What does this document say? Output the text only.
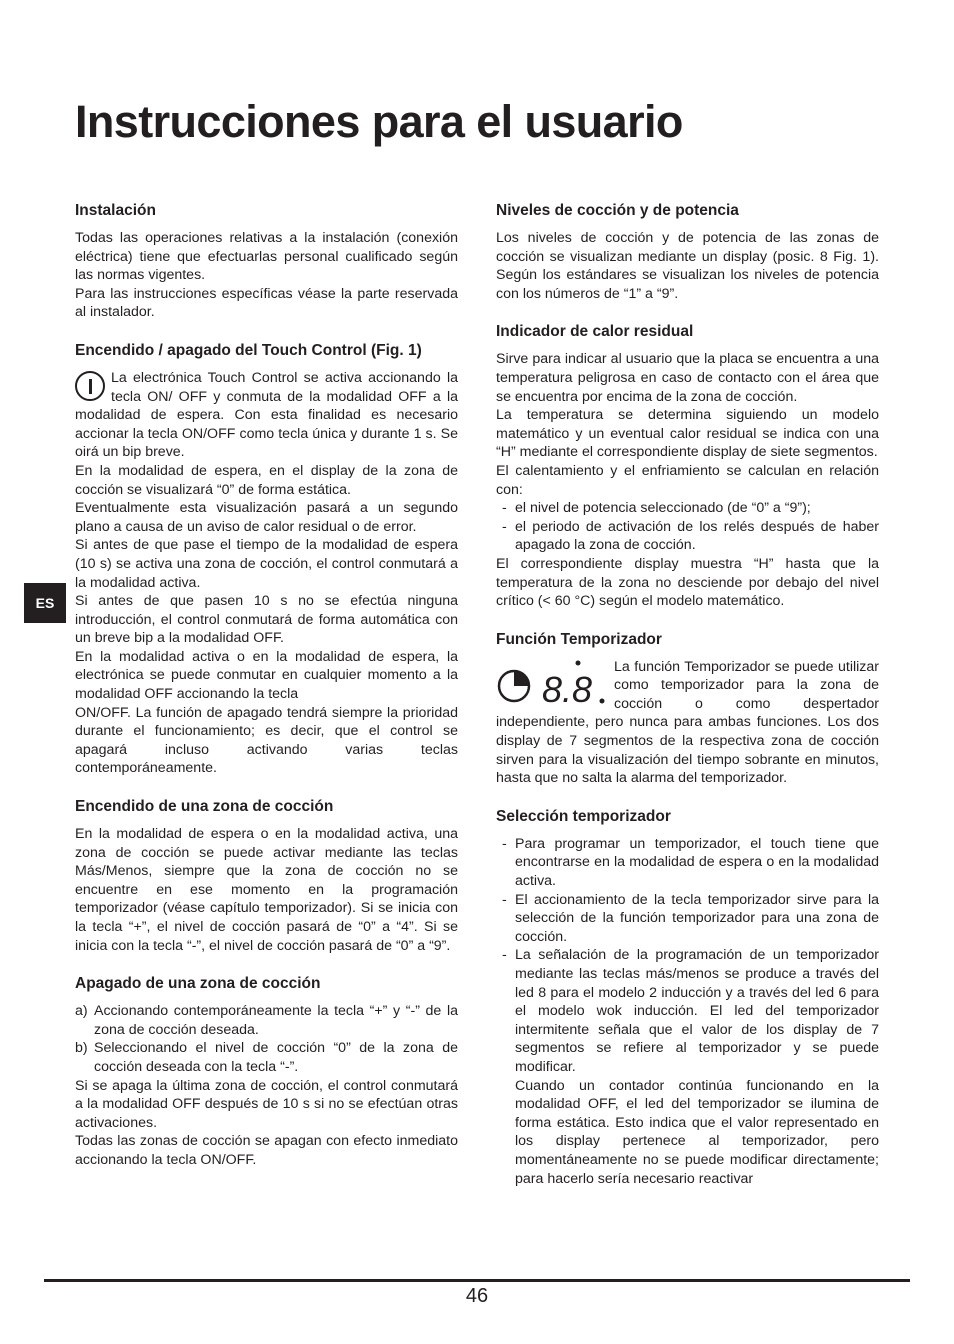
Instrucciones para el usuario
ES
Instalación

Todas las operaciones relativas a la instalación (conexión eléctrica) tiene que efectuarlas personal cualificado según las normas vigentes.

Para las instrucciones específicas véase la parte reservada al instalador.

Encendido / apagado del Touch Control (Fig. 1)

La electrónica Touch Control se activa accionando la tecla ON/ OFF y conmuta de la modalidad OFF a la modalidad de espera. Con esta finalidad es necesario accionar la tecla ON/OFF como tecla única y durante 1 s. Se oirá un bip breve.

En la modalidad de espera, en el display de la zona de cocción se visualizará “0” de forma estática.

Eventualmente esta visualización pasará a un segundo plano a causa de un aviso de calor residual o de error.

Si antes de que pase el tiempo de la modalidad de espera (10 s) se activa una zona de cocción, el control conmutará a la modalidad activa.

Si antes de que pasen 10 s no se efectúa ninguna introducción, el control conmutará de forma automática con un breve bip a la modalidad OFF.

En la modalidad activa o en la modalidad de espera, la electrónica se puede conmutar en cualquier momento a la modalidad OFF accionando la tecla

ON/OFF. La función de apagado tendrá siempre la prioridad durante el funcionamiento; es decir, que el control se apagará incluso activando varias teclas contemporáneamente.

Encendido de una zona de cocción

En la modalidad de espera o en la modalidad activa, una zona de cocción se puede activar mediante las teclas Más/Menos, siempre que la zona de cocción no se encuentre en ese momento en la programación temporizador (véase capítulo temporizador). Si se inicia con la tecla “+”, el nivel de cocción pasará de “0” a “4”. Si se inicia con la tecla “-”, el nivel de cocción pasará de “0” a “9”.

Apagado de una zona de cocción
a) Accionando contemporáneamente la tecla “+” y “-” de la zona de cocción deseada.
b) Seleccionando el nivel de cocción “0” de la zona de cocción deseada con la tecla “-”.

Si se apaga la última zona de cocción, el control conmutará a la modalidad OFF después de 10 s si no se efectúan otras activaciones.

Todas las zonas de cocción se apagan con efecto inmediato accionando la tecla ON/OFF.

Niveles de cocción y de potencia

Los niveles de cocción y de potencia de las zonas de cocción se visualizan mediante un display (posic. 8 Fig. 1). Según los estándares se visualizan los niveles de potencia con los números de “1” a “9”.

Indicador de calor residual

Sirve para indicar al usuario que la placa se encuentra a una temperatura peligrosa en caso de contacto con el área que se encuentra por encima de la zona de cocción.

La temperatura se determina siguiendo un modelo matemático y un eventual calor residual se indica con una “H” mediante el correspondiente display de siete segmentos.

El calentamiento y el enfriamiento se calculan en relación con:

- el nivel de potencia seleccionado (de “0” a “9”);
- el periodo de activación de los relés después de haber apagado la zona de cocción.

El correspondiente display muestra “H” hasta que la temperatura de la zona no desciende por debajo del nivel crítico (< 60 °C) según el modelo matemático.

Función Temporizador

8.8
La función Temporizador se puede utilizar como temporizador para la zona de cocción o como despertador independiente, pero nunca para ambas funciones. Los dos display de 7 segmentos de la respectiva zona de cocción sirven para la visualización del tiempo sobrante en minutos, hasta que no salta la alarma del temporizador.

Selección temporizador
- Para programar un temporizador, el touch tiene que encontrarse en la modalidad de espera o en la modalidad activa.
- El accionamiento de la tecla temporizador sirve para la selección de la función temporizador para una zona de cocción.
- La señalación de la programación de un temporizador mediante las teclas más/menos se produce a través del led 8 para el modelo 2 inducción y a través del led 6 para el modelo wok inducción. El led del temporizador intermitente señala que el valor de los display de 7 segmentos se refiere al temporizador y se puede modificar.
Cuando un contador continúa funcionando en la modalidad OFF, el led del temporizador se ilumina de forma estática. Esto indica que el valor representado en los display pertenece al temporizador, pero momentáneamente no se puede modificar directamente; para hacerlo sería necesario reactivar
46
